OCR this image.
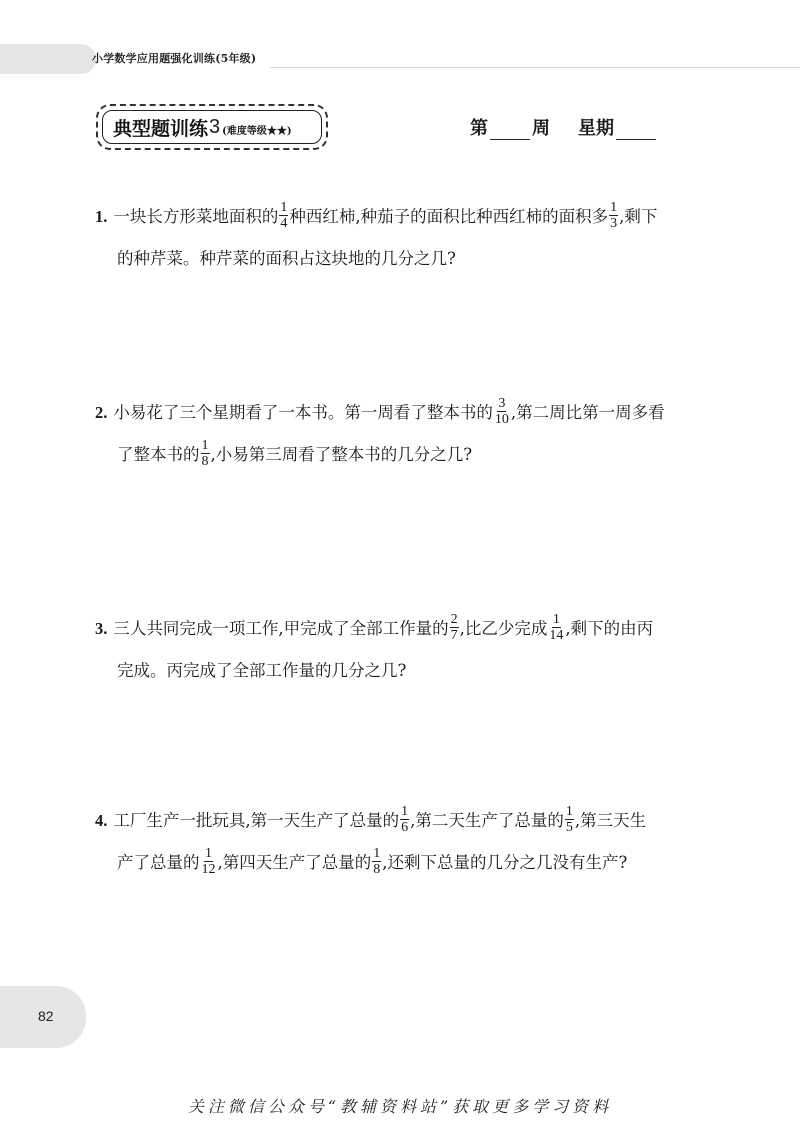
小学数学应用题强化训练(5年级)
典型题训练 3 (难度等级★★)	第 周 星期
1. 一块长方形菜地面积的 $\frac{1}{4}$ 种西红柿,种茄子的面积比种西红柿的面积多 $\frac{1}{3}$ ,剩下
的种芹菜。种芹菜的面积占这块地的几分之几?
2. 小易花了三个星期看了一本书。第一周看了整本书的 $\frac{3}{10}$ ,第二周比第一周多看
了整本书的 $\frac{1}{8}$ ,小易第三周看了整本书的几分之几?
3. 三人共同完成一项工作,甲完成了全部工作量的 $\frac{2}{7}$ ,比乙少完成 $\frac{1}{14}$ ,剩下的由丙
完成。丙完成了全部工作量的几分之几?
4. 工厂生产一批玩具,第一天生产了总量的 $\frac{1}{6}$ ,第二天生产了总量的 $\frac{1}{5}$ ,第三天生
产了总量的 $\frac{1}{12}$ ,第四天生产了总量的 $\frac{1}{8}$ ,还剩下总量的几分之几没有生产?
82
关注微信公众号“教辅资料站”获取更多学习资料
